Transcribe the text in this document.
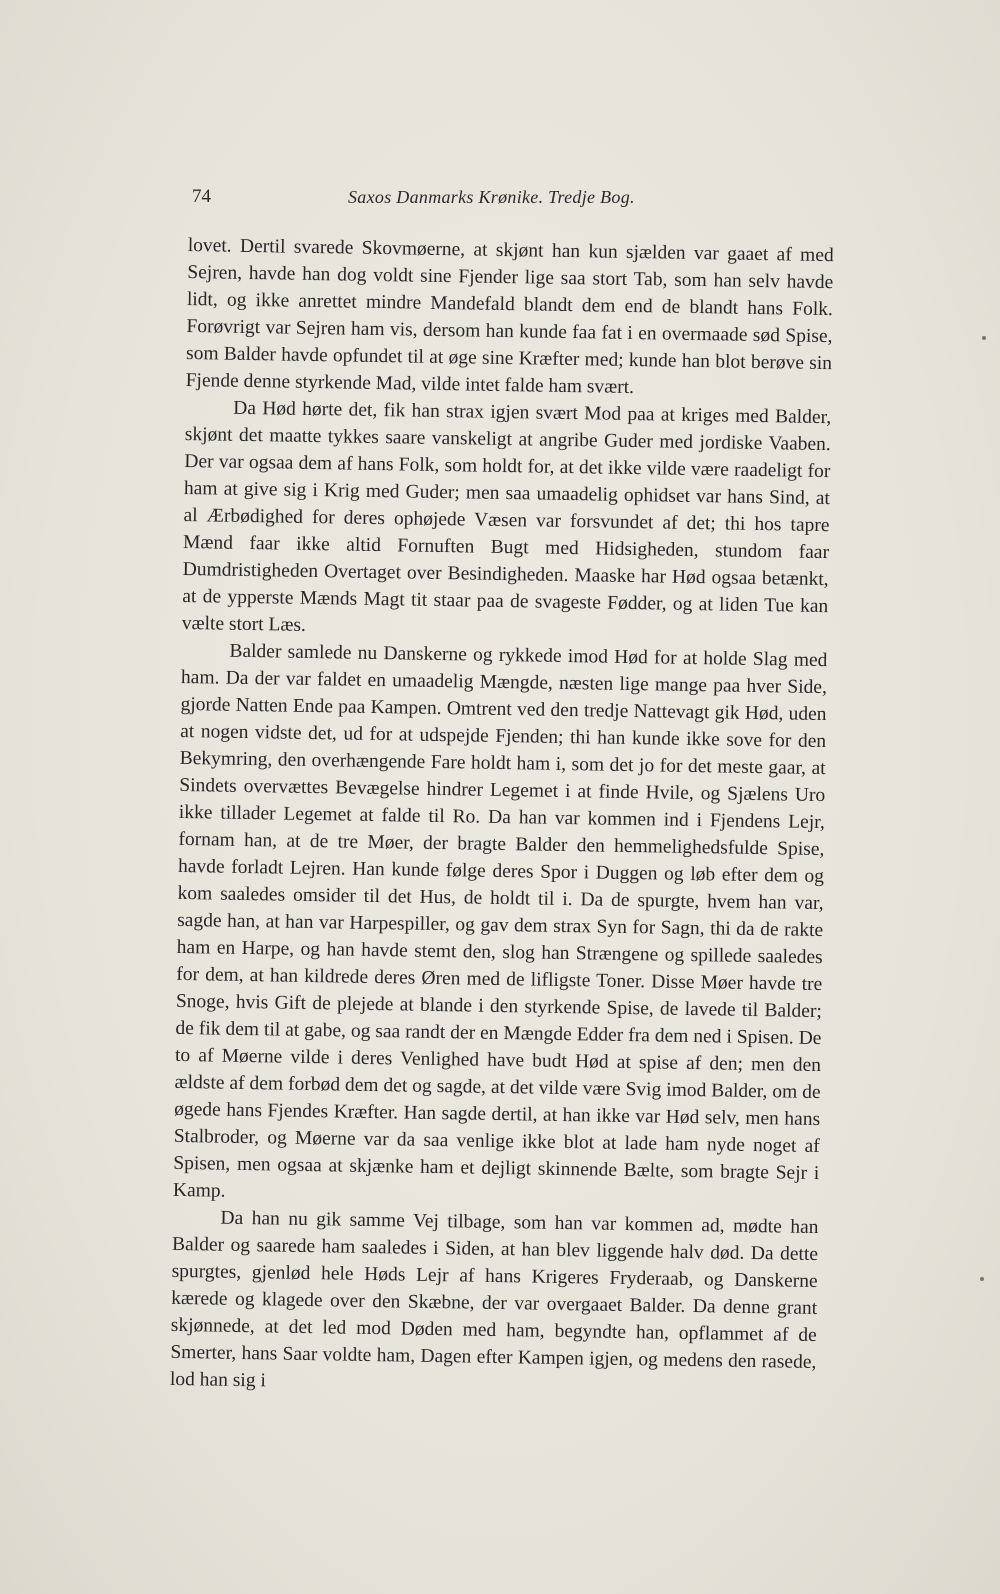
74	Saxos Danmarks Krønike. Tredje Bog.

lovet. Dertil svarede Skovmøerne, at skjønt han kun sjælden var gaaet af med Sejren, havde han dog voldt sine Fjender lige saa stort Tab, som han selv havde lidt, og ikke anrettet mindre Mandefald blandt dem end de blandt hans Folk. Forøvrigt var Sejren ham vis, dersom han kunde faa fat i en overmaade sød Spise, som Balder havde opfundet til at øge sine Kræfter med; kunde han blot berøve sin Fjende denne styrkende Mad, vilde intet falde ham svært.

Da Hød hørte det, fik han strax igjen svært Mod paa at kriges med Balder, skjønt det maatte tykkes saare vanskeligt at angribe Guder med jordiske Vaaben. Der var ogsaa dem af hans Folk, som holdt for, at det ikke vilde være raadeligt for ham at give sig i Krig med Guder; men saa umaadelig ophidset var hans Sind, at al Ærbødighed for deres ophøjede Væsen var forsvundet af det; thi hos tapre Mænd faar ikke altid Fornuften Bugt med Hidsigheden, stundom faar Dumdristigheden Overtaget over Besindigheden. Maaske har Hød ogsaa betænkt, at de ypperste Mænds Magt tit staar paa de svageste Fødder, og at liden Tue kan vælte stort Læs.

Balder samlede nu Danskerne og rykkede imod Hød for at holde Slag med ham. Da der var faldet en umaadelig Mængde, næsten lige mange paa hver Side, gjorde Natten Ende paa Kampen. Omtrent ved den tredje Nattevagt gik Hød, uden at nogen vidste det, ud for at udspejde Fjenden; thi han kunde ikke sove for den Bekymring, den overhængende Fare holdt ham i, som det jo for det meste gaar, at Sindets overvættes Bevægelse hindrer Legemet i at finde Hvile, og Sjælens Uro ikke tillader Legemet at falde til Ro. Da han var kommen ind i Fjendens Lejr, fornam han, at de tre Møer, der bragte Balder den hemmelighedsfulde Spise, havde forladt Lejren. Han kunde følge deres Spor i Duggen og løb efter dem og kom saaledes omsider til det Hus, de holdt til i. Da de spurgte, hvem han var, sagde han, at han var Harpespiller, og gav dem strax Syn for Sagn, thi da de rakte ham en Harpe, og han havde stemt den, slog han Strængene og spillede saaledes for dem, at han kildrede deres Øren med de lifligste Toner. Disse Møer havde tre Snoge, hvis Gift de plejede at blande i den styrkende Spise, de lavede til Balder; de fik dem til at gabe, og saa randt der en Mængde Edder fra dem ned i Spisen. De to af Møerne vilde i deres Venlighed have budt Hød at spise af den; men den ældste af dem forbød dem det og sagde, at det vilde være Svig imod Balder, om de øgede hans Fjendes Kræfter. Han sagde dertil, at han ikke var Hød selv, men hans Stalbroder, og Møerne var da saa venlige ikke blot at lade ham nyde noget af Spisen, men ogsaa at skjænke ham et dejligt skinnende Bælte, som bragte Sejr i Kamp.

Da han nu gik samme Vej tilbage, som han var kommen ad, mødte han Balder og saarede ham saaledes i Siden, at han blev liggende halv død. Da dette spurgtes, gjenlød hele Høds Lejr af hans Krigeres Fryderaab, og Danskerne kærede og klagede over den Skæbne, der var overgaaet Balder. Da denne grant skjønnede, at det led mod Døden med ham, begyndte han, opflammet af de Smerter, hans Saar voldte ham, Dagen efter Kampen igjen, og medens den rasede, lod han sig i
